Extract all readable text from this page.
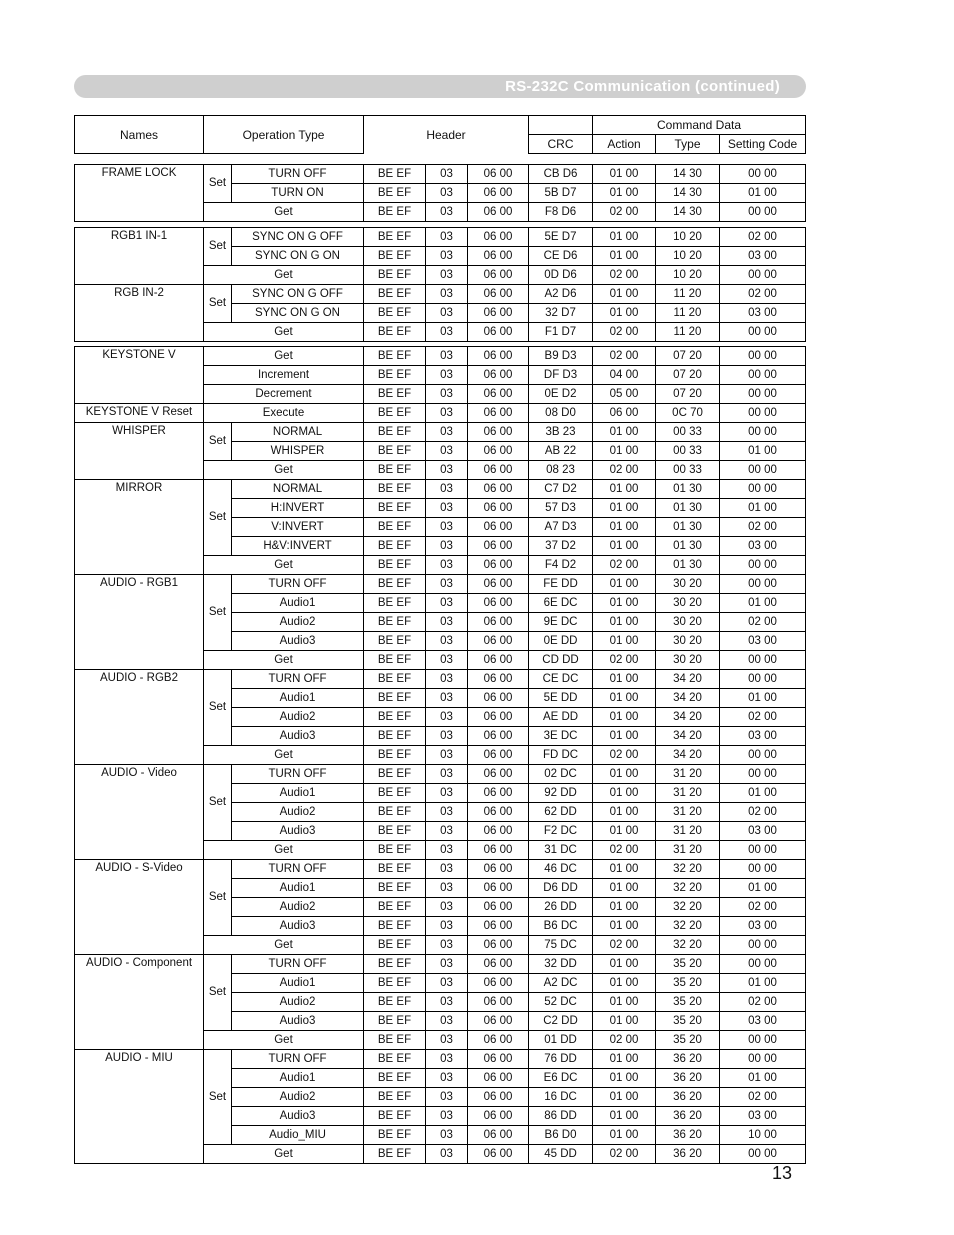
RS-232C Communication (continued)
Names	Operation Type	Header		Command Data		
			CRC	Action	Type	Setting Code
FRAME LOCK	Set	TURN OFF	BE EF	03	06 00	CB D6	01 00	14 30	00 00
		TURN ON	BE EF	03	06 00	5B D7	01 00	14 30	01 00
	Get		BE EF	03	06 00	F8 D6	02 00	14 30	00 00
RGB1 IN-1	Set	SYNC ON G OFF	BE EF	03	06 00	5E D7	01 00	10 20	02 00
		SYNC ON G ON	BE EF	03	06 00	CE D6	01 00	10 20	03 00
	Get		BE EF	03	06 00	0D D6	02 00	10 20	00 00
RGB IN-2	Set	SYNC ON G OFF	BE EF	03	06 00	A2 D6	01 00	11 20	02 00
		SYNC ON G ON	BE EF	03	06 00	32 D7	01 00	11 20	03 00
	Get		BE EF	03	06 00	F1 D7	02 00	11 20	00 00
KEYSTONE V	Get		BE EF	03	06 00	B9 D3	02 00	07 20	00 00
	Increment		BE EF	03	06 00	DF D3	04 00	07 20	00 00
	Decrement		BE EF	03	06 00	0E D2	05 00	07 20	00 00
KEYSTONE V Reset	Execute		BE EF	03	06 00	08 D0	06 00	0C 70	00 00
WHISPER	Set	NORMAL	BE EF	03	06 00	3B 23	01 00	00 33	00 00
		WHISPER	BE EF	03	06 00	AB 22	01 00	00 33	01 00
	Get		BE EF	03	06 00	08 23	02 00	00 33	00 00
MIRROR	Set	NORMAL	BE EF	03	06 00	C7 D2	01 00	01 30	00 00
		H:INVERT	BE EF	03	06 00	57 D3	01 00	01 30	01 00
		V:INVERT	BE EF	03	06 00	A7 D3	01 00	01 30	02 00
		H&V:INVERT	BE EF	03	06 00	37 D2	01 00	01 30	03 00
	Get		BE EF	03	06 00	F4 D2	02 00	01 30	00 00
AUDIO - RGB1	Set	TURN OFF	BE EF	03	06 00	FE DD	01 00	30 20	00 00
		Audio1	BE EF	03	06 00	6E DC	01 00	30 20	01 00
		Audio2	BE EF	03	06 00	9E DC	01 00	30 20	02 00
		Audio3	BE EF	03	06 00	0E DD	01 00	30 20	03 00
	Get		BE EF	03	06 00	CD DD	02 00	30 20	00 00
AUDIO - RGB2	Set	TURN OFF	BE EF	03	06 00	CE DC	01 00	34 20	00 00
		Audio1	BE EF	03	06 00	5E DD	01 00	34 20	01 00
		Audio2	BE EF	03	06 00	AE DD	01 00	34 20	02 00
		Audio3	BE EF	03	06 00	3E DC	01 00	34 20	03 00
	Get		BE EF	03	06 00	FD DC	02 00	34 20	00 00
AUDIO - Video	Set	TURN OFF	BE EF	03	06 00	02 DC	01 00	31 20	00 00
		Audio1	BE EF	03	06 00	92 DD	01 00	31 20	01 00
		Audio2	BE EF	03	06 00	62 DD	01 00	31 20	02 00
		Audio3	BE EF	03	06 00	F2 DC	01 00	31 20	03 00
	Get		BE EF	03	06 00	31 DC	02 00	31 20	00 00
AUDIO - S-Video	Set	TURN OFF	BE EF	03	06 00	46 DC	01 00	32 20	00 00
		Audio1	BE EF	03	06 00	D6 DD	01 00	32 20	01 00
		Audio2	BE EF	03	06 00	26 DD	01 00	32 20	02 00
		Audio3	BE EF	03	06 00	B6 DC	01 00	32 20	03 00
	Get		BE EF	03	06 00	75 DC	02 00	32 20	00 00
AUDIO - Component	Set	TURN OFF	BE EF	03	06 00	32 DD	01 00	35 20	00 00
		Audio1	BE EF	03	06 00	A2 DC	01 00	35 20	01 00
		Audio2	BE EF	03	06 00	52 DC	01 00	35 20	02 00
		Audio3	BE EF	03	06 00	C2 DD	01 00	35 20	03 00
	Get		BE EF	03	06 00	01 DD	02 00	35 20	00 00
AUDIO - MIU	Set	TURN OFF	BE EF	03	06 00	76 DD	01 00	36 20	00 00
		Audio1	BE EF	03	06 00	E6 DC	01 00	36 20	01 00
		Audio2	BE EF	03	06 00	16 DC	01 00	36 20	02 00
		Audio3	BE EF	03	06 00	86 DD	01 00	36 20	03 00
		Audio_MIU	BE EF	03	06 00	B6 D0	01 00	36 20	10 00
	Get		BE EF	03	06 00	45 DD	02 00	36 20	00 00
13
